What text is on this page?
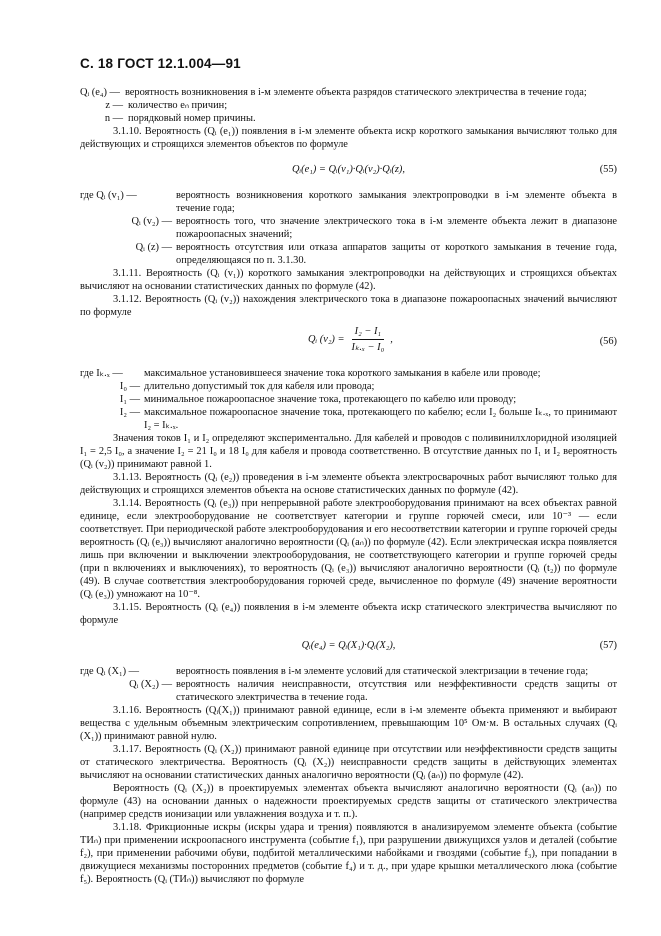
С. 18 ГОСТ 12.1.004—91
Qᵢ (e₄) — вероятность возникновения в i-м элементе объекта разрядов статического электричества в течение года;
z — количество eₙ причин;
n — порядковый номер причины.

3.1.10. Вероятность (Qᵢ (e₁)) появления в i-м элементе объекта искр короткого замыкания вычисляют только для действующих и строящихся элементов объектов по формуле

Qᵢ(e₁) = Qᵢ(v₁)·Qᵢ(v₂)·Qᵢ(z),	(55)
где Qᵢ (v₁) —	вероятность возникновения короткого замыкания электропроводки в i-м элементе объекта в течение года;
Qᵢ (v₂) — вероятность того, что значение электрического тока в i-м элементе объекта лежит в диапазоне пожароопасных значений;
Qᵢ (z) — вероятность отсутствия или отказа аппаратов защиты от короткого замыкания в течение года, определяющаяся по п. 3.1.30.

3.1.11. Вероятность (Qᵢ (v₁)) короткого замыкания электропроводки на действующих и строящихся объектах вычисляют на основании статистических данных по формуле (42).

3.1.12. Вероятность (Qᵢ (v₂)) нахождения электрического тока в диапазоне пожароопасных значений вычисляют по формуле

Qᵢ $(v_2) = \frac{\text{I₂ − I₁}}{\text{Iₖ.ₓ − I₀}}$ ,	(56)
где Iₖ.ₓ —	максимальное установившееся значение тока короткого замыкания в кабеле или проводе;
I₀ — длительно допустимый ток для кабеля или провода;
I₁ — минимальное пожароопасное значение тока, протекающего по кабелю или проводу;
I₂ — максимальное пожароопасное значение тока, протекающего по кабелю; если I₂ больше Iₖ.ₓ, то принимают I₂ = Iₖ.ₓ.

Значения токов I₁ и I₂ определяют экспериментально. Для кабелей и проводов с поливинилхлоридной изоляцией I₁ = 2,5 I₀, а значение I₂ = 21 I₀ и 18 I₀ для кабеля и провода соответственно. В отсутствие данных по I₁ и I₂ вероятность (Qᵢ (v₂)) принимают равной 1.

3.1.13. Вероятность (Qᵢ (e₂)) проведения в i-м элементе объекта электросварочных работ вычисляют только для действующих и строящихся элементов объекта на основе статистических данных по формуле (42).

3.1.14. Вероятность (Qᵢ (e₃)) при непрерывной работе электрооборудования принимают на всех объектах равной единице, если электрооборудование не соответствует категории и группе горючей смеси, или 10⁻³ — если соответствует. При периодической работе электрооборудования и его несоответствии категории и группе горючей среды вероятность (Qᵢ (e₃)) вычисляют аналогично вероятности (Qᵢ (aₙ)) по формуле (42). Если электрическая искра появляется лишь при включении и выключении электрооборудования, не соответствующего категории и группе горючей среды (при n включениях и выключениях), то вероятность (Qᵢ (e₃)) вычисляют аналогично вероятности (Qᵢ (t₂)) по формуле (49). В случае соответствия электрооборудования горючей среде, вычисленное по формуле (49) значение вероятности (Qᵢ (e₃)) умножают на 10⁻⁸.

3.1.15. Вероятность (Qᵢ (e₄)) появления в i-м элементе объекта искр статического электричества вычисляют по формуле

Qᵢ(e₄) = Qᵢ(X₁)·Qᵢ(X₂),	(57)
где Qᵢ (X₁) —	вероятность появления в i-м элементе условий для статической электризации в течение года;
Qᵢ (X₂) — вероятность наличия неисправности, отсутствия или неэффективности средств защиты от статического электричества в течение года.

3.1.16. Вероятность (Qᵢ(X₁)) принимают равной единице, если в i-м элементе объекта применяют и выбирают вещества с удельным объемным электрическим сопротивлением, превышающим 10⁵ Ом·м. В остальных случаях (Qᵢ (X₁)) принимают равной нулю.

3.1.17. Вероятность (Qᵢ (X₂)) принимают равной единице при отсутствии или неэффективности средств защиты от статического электричества. Вероятность (Qᵢ (X₂)) неисправности средств защиты в действующих элементах вычисляют на основании статистических данных аналогично вероятности (Qᵢ (aₙ)) по формуле (42).

Вероятность (Qᵢ (X₂)) в проектируемых элементах объекта вычисляют аналогично вероятности (Qᵢ (aₙ)) по формуле (43) на основании данных о надежности проектируемых средств защиты от статического электричества (например средств ионизации или увлажнения воздуха и т. п.).

3.1.18. Фрикционные искры (искры удара и трения) появляются в анализируемом элементе объекта (событие ТИₙ) при применении искроопасного инструмента (событие f₁), при разрушении движущихся узлов и деталей (событие f₂), при применении рабочими обуви, подбитой металлическими набойками и гвоздями (событие f₃), при попадании в движущиеся механизмы посторонних предметов (событие f₄) и т. д., при ударе крышки металлического люка (событие f₅). Вероятность (Qᵢ (ТИₙ)) вычисляют по формуле
